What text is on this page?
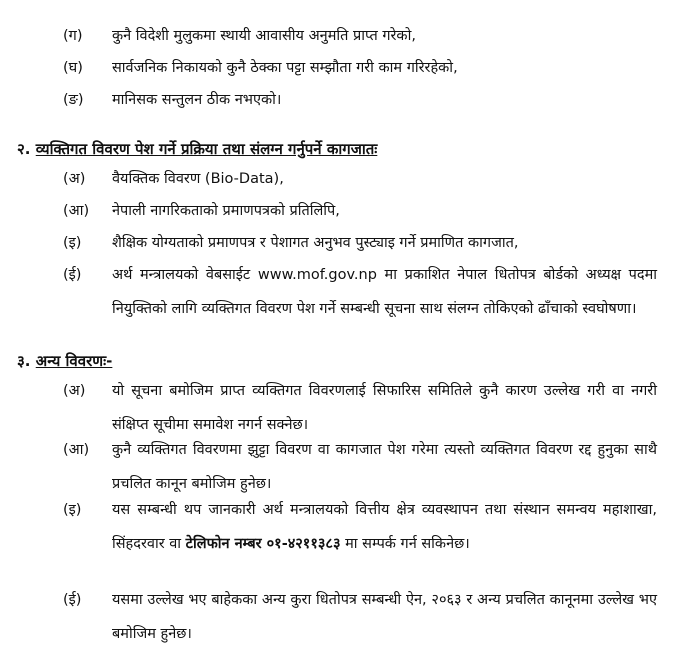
(ग)	कुनै विदेशी मुलुकमा स्थायी आवासीय अनुमति प्राप्त गरेको,
(घ)	सार्वजनिक निकायको कुनै ठेक्का पट्टा सम्झौता गरी काम गरिरहेको,
(ङ)	मानिसक सन्तुलन ठीक नभएको।
२. व्यक्तिगत विवरण पेश गर्ने प्रक्रिया तथा संलग्न गर्नुपर्ने कागजातः
(अ)	वैयक्तिक विवरण (Bio-Data),
(आ)	नेपाली नागरिकताको प्रमाणपत्रको प्रतिलिपि,
(इ)	शैक्षिक योग्यताको प्रमाणपत्र र पेशागत अनुभव पुस्ट्याइ गर्ने प्रमाणित कागजात,
(ई)	अर्थ मन्त्रालयको वेबसाईट www.mof.gov.np मा प्रकाशित नेपाल धितोपत्र बोर्डको अध्यक्ष पदमा नियुक्तिको लागि व्यक्तिगत विवरण पेश गर्ने सम्बन्धी सूचना साथ संलग्न तोकिएको ढाँचाको स्वघोषणा।
३. अन्य विवरणः-
(अ)	यो सूचना बमोजिम प्राप्त व्यक्तिगत विवरणलाई सिफारिस समितिले कुनै कारण उल्लेख गरी वा नगरी संक्षिप्त सूचीमा समावेश नगर्न सक्नेछ।
(आ)	कुनै व्यक्तिगत विवरणमा झुट्टा विवरण वा कागजात पेश गरेमा त्यस्तो व्यक्तिगत विवरण रद्द हुनुका साथै प्रचलित कानून बमोजिम हुनेछ।
(इ)	यस सम्बन्धी थप जानकारी अर्थ मन्त्रालयको वित्तीय क्षेत्र व्यवस्थापन तथा संस्थान समन्वय महाशाखा, सिंहदरवार वा टेलिफोन नम्बर ०१-४२११३८३ मा सम्पर्क गर्न सकिनेछ।
(ई)	यसमा उल्लेख भए बाहेकका अन्य कुरा धितोपत्र सम्बन्धी ऐन, २०६३ र अन्य प्रचलित कानूनमा उल्लेख भए बमोजिम हुनेछ।
